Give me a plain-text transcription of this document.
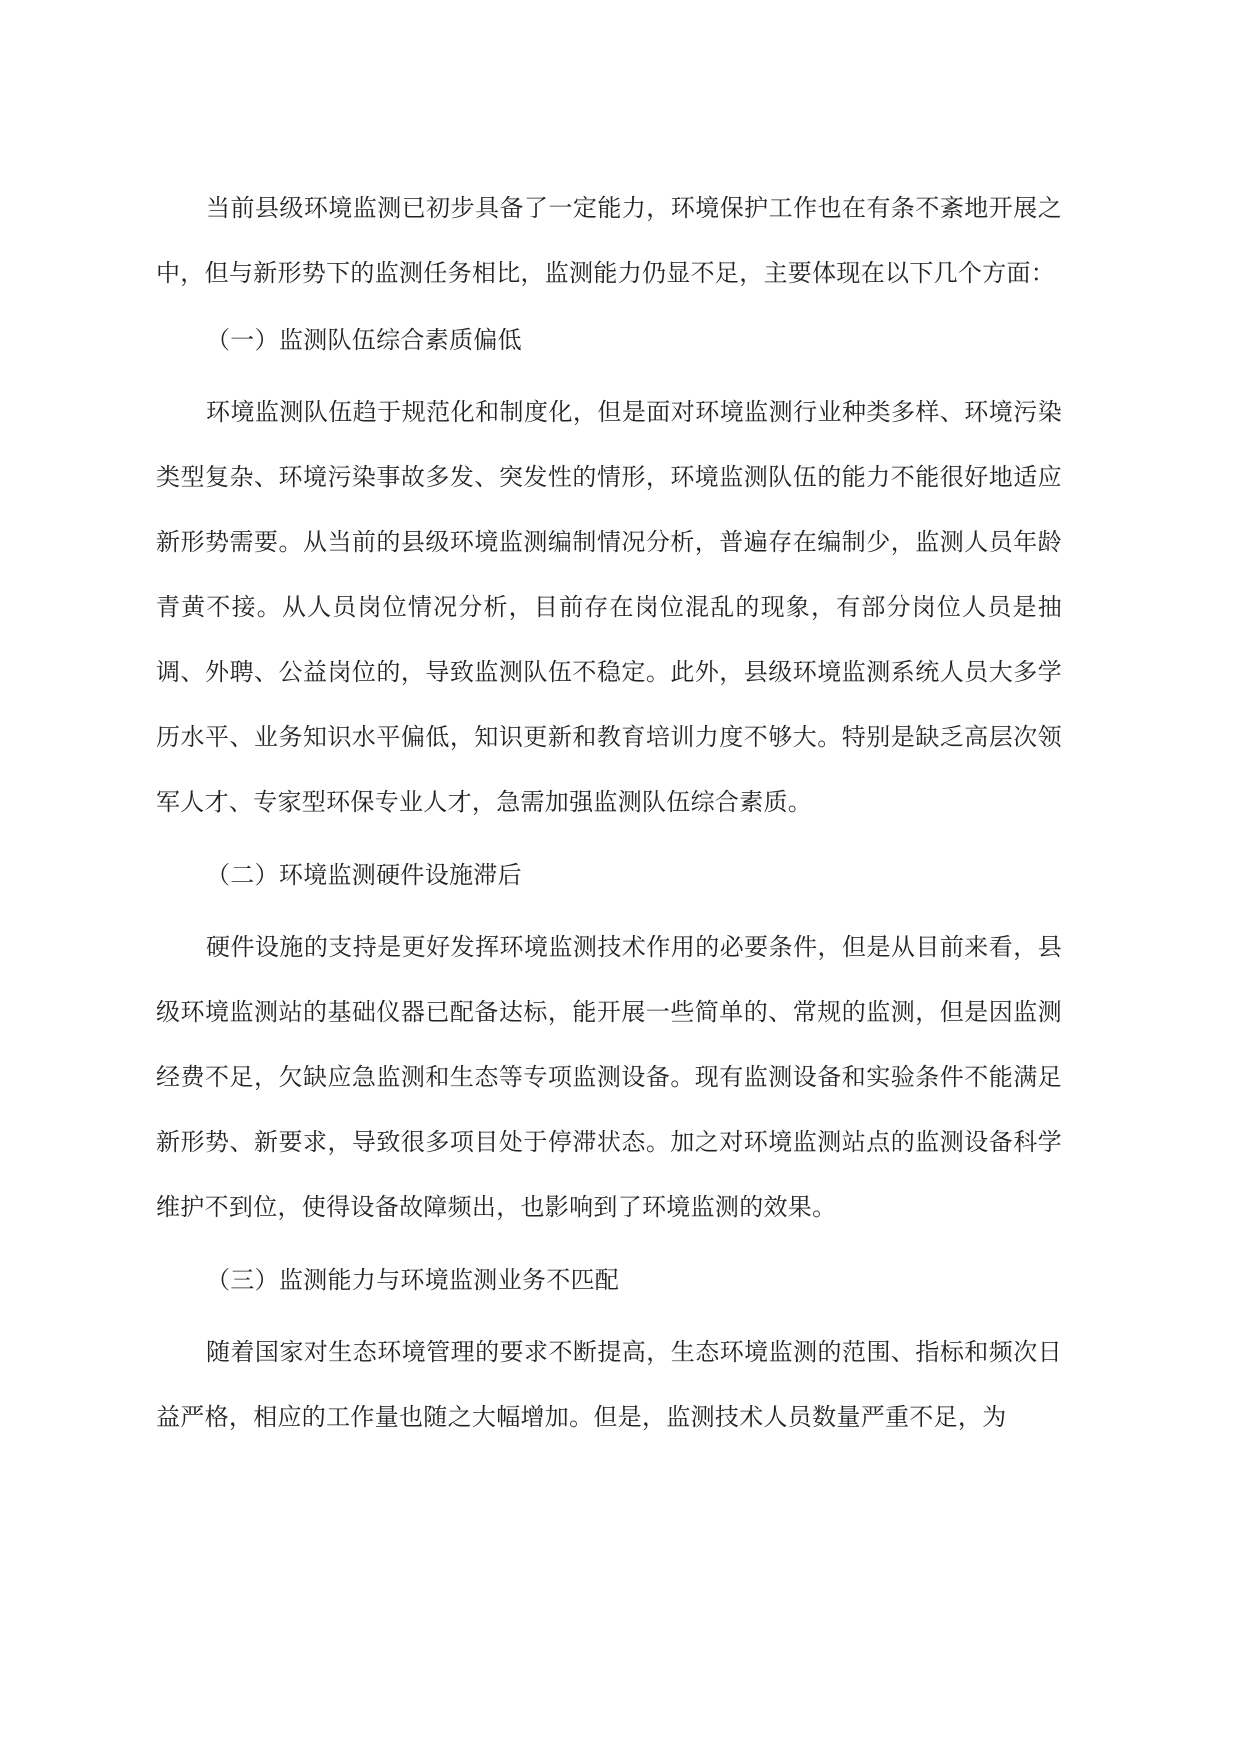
当前县级环境监测已初步具备了一定能力，环境保护工作也在有条不紊地开展之中，但与新形势下的监测任务相比，监测能力仍显不足，主要体现在以下几个方面：

（一）监测队伍综合素质偏低

环境监测队伍趋于规范化和制度化，但是面对环境监测行业种类多样、环境污染类型复杂、环境污染事故多发、突发性的情形，环境监测队伍的能力不能很好地适应新形势需要。从当前的县级环境监测编制情况分析，普遍存在编制少，监测人员年龄青黄不接。从人员岗位情况分析，目前存在岗位混乱的现象，有部分岗位人员是抽调、外聘、公益岗位的，导致监测队伍不稳定。此外，县级环境监测系统人员大多学历水平、业务知识水平偏低，知识更新和教育培训力度不够大。特别是缺乏高层次领军人才、专家型环保专业人才，急需加强监测队伍综合素质。

（二）环境监测硬件设施滞后

硬件设施的支持是更好发挥环境监测技术作用的必要条件，但是从目前来看，县级环境监测站的基础仪器已配备达标，能开展一些简单的、常规的监测，但是因监测经费不足，欠缺应急监测和生态等专项监测设备。现有监测设备和实验条件不能满足新形势、新要求，导致很多项目处于停滞状态。加之对环境监测站点的监测设备科学维护不到位，使得设备故障频出，也影响到了环境监测的效果。

（三）监测能力与环境监测业务不匹配

随着国家对生态环境管理的要求不断提高，生态环境监测的范围、指标和频次日益严格，相应的工作量也随之大幅增加。但是，监测技术人员数量严重不足，为
